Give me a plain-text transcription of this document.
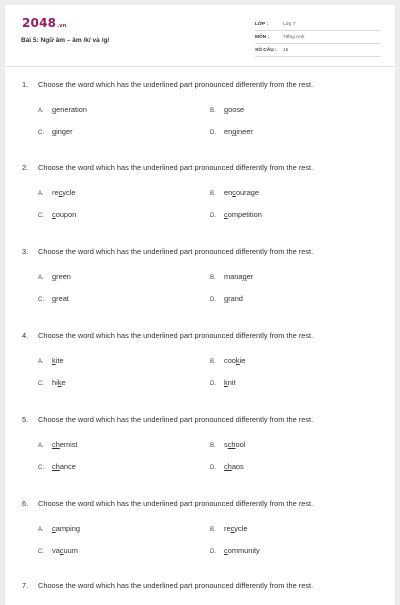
2048.vn
Bài 5: Ngữ âm – âm /k/ và /g/
LỚP :	Lớp 7
MÔN :	Tiếng Anh
SỐ CÂU :	15
1.	Choose the word which has the underlined part pronounced differently from the rest.
A.	generation	B.	goose
C.	ginger	D.	engineer
2.	Choose the word which has the underlined part pronounced differently from the rest.
A.	recycle	B.	encourage
C.	coupon	D.	competition
3.	Choose the word which has the underlined part pronounced differently from the rest.
A.	green	B.	manager
C.	great	D.	grand
4.	Choose the word which has the underlined part pronounced differently from the rest.
A.	kite	B.	cookie
C.	hike	D.	knit
5.	Choose the word which has the underlined part pronounced differently from the rest.
A.	chemist	B.	school
C.	chance	D.	chaos
6.	Choose the word which has the underlined part pronounced differently from the rest.
A.	camping	B.	recycle
C.	vacuum	D.	community
7.	Choose the word which has the underlined part pronounced differently from the rest.
